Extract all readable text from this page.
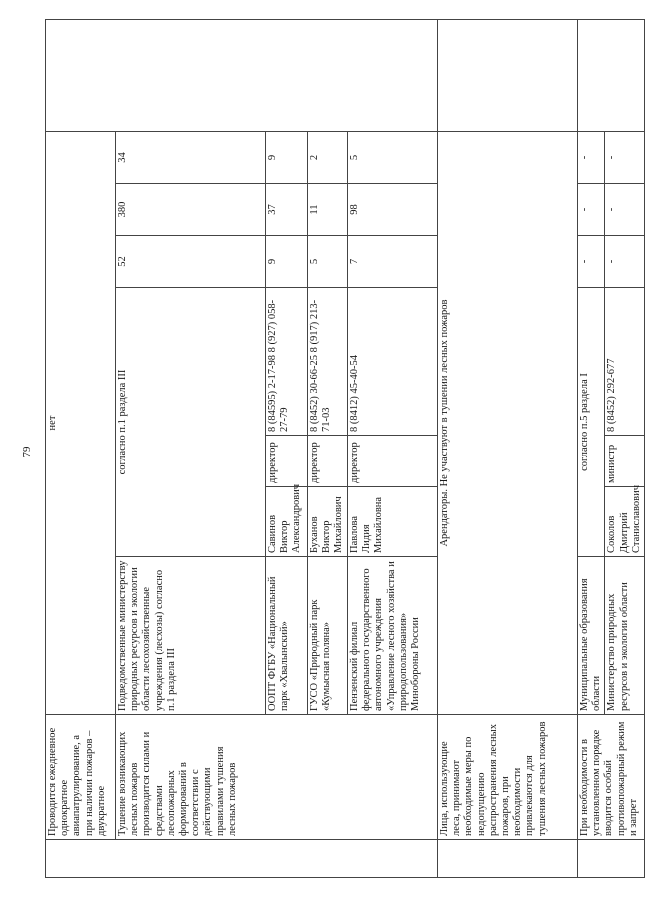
79
	Проводится ежедневное однократное авиапатрулирование, а при наличии пожаров – двукратное	нет							
	Тушение возникающих лесных пожаров производится силами и средствами лесопожарных формирований в соответствии с действующими правилами тушения лесных пожаров	Подведомственные министерству природных ресурсов и экологии области лесохозяйственные учреждения (лесхозы) согласно п.1 раздела III	согласно п.1 раздела III			52	380	34	
		ООПТ ФГБУ «Национальный парк «Хвалынский»	Савинов Виктор Александрович	директор	8 (84595) 2-17-98 8 (927) 058-27-79	9	37	9	
		ГУСО «Природный парк «Кумысная поляна»	Буханов Виктор Михайлович	директор	8 (8452) 30-66-25 8 (917) 213-71-03	5	11	2	
		Пензенский филиал федерального государственного автономного учреждения «Управление лесного хозяйства и природопользования» Минобороны России	Павлова Лидия Михайловна	директор	8 (8412) 45-40-54	7	98	5	
	Лица, использующие леса, принимают необходимые меры по недопущению распространения лесных пожаров, при необходимости привлекаются для тушения лесных пожаров	Арендаторы. Не участвуют в тушении лесных пожаров							
	При необходимости в установленном порядке вводится особый противопожарный режим и запрет	Муниципальные образования области	согласно п.5 раздела I			-	-	-	
		Министерство природных ресурсов и экологии области	Соколов Дмитрий Станиславович	министр	8 (8452) 292-677	-	-	-	
